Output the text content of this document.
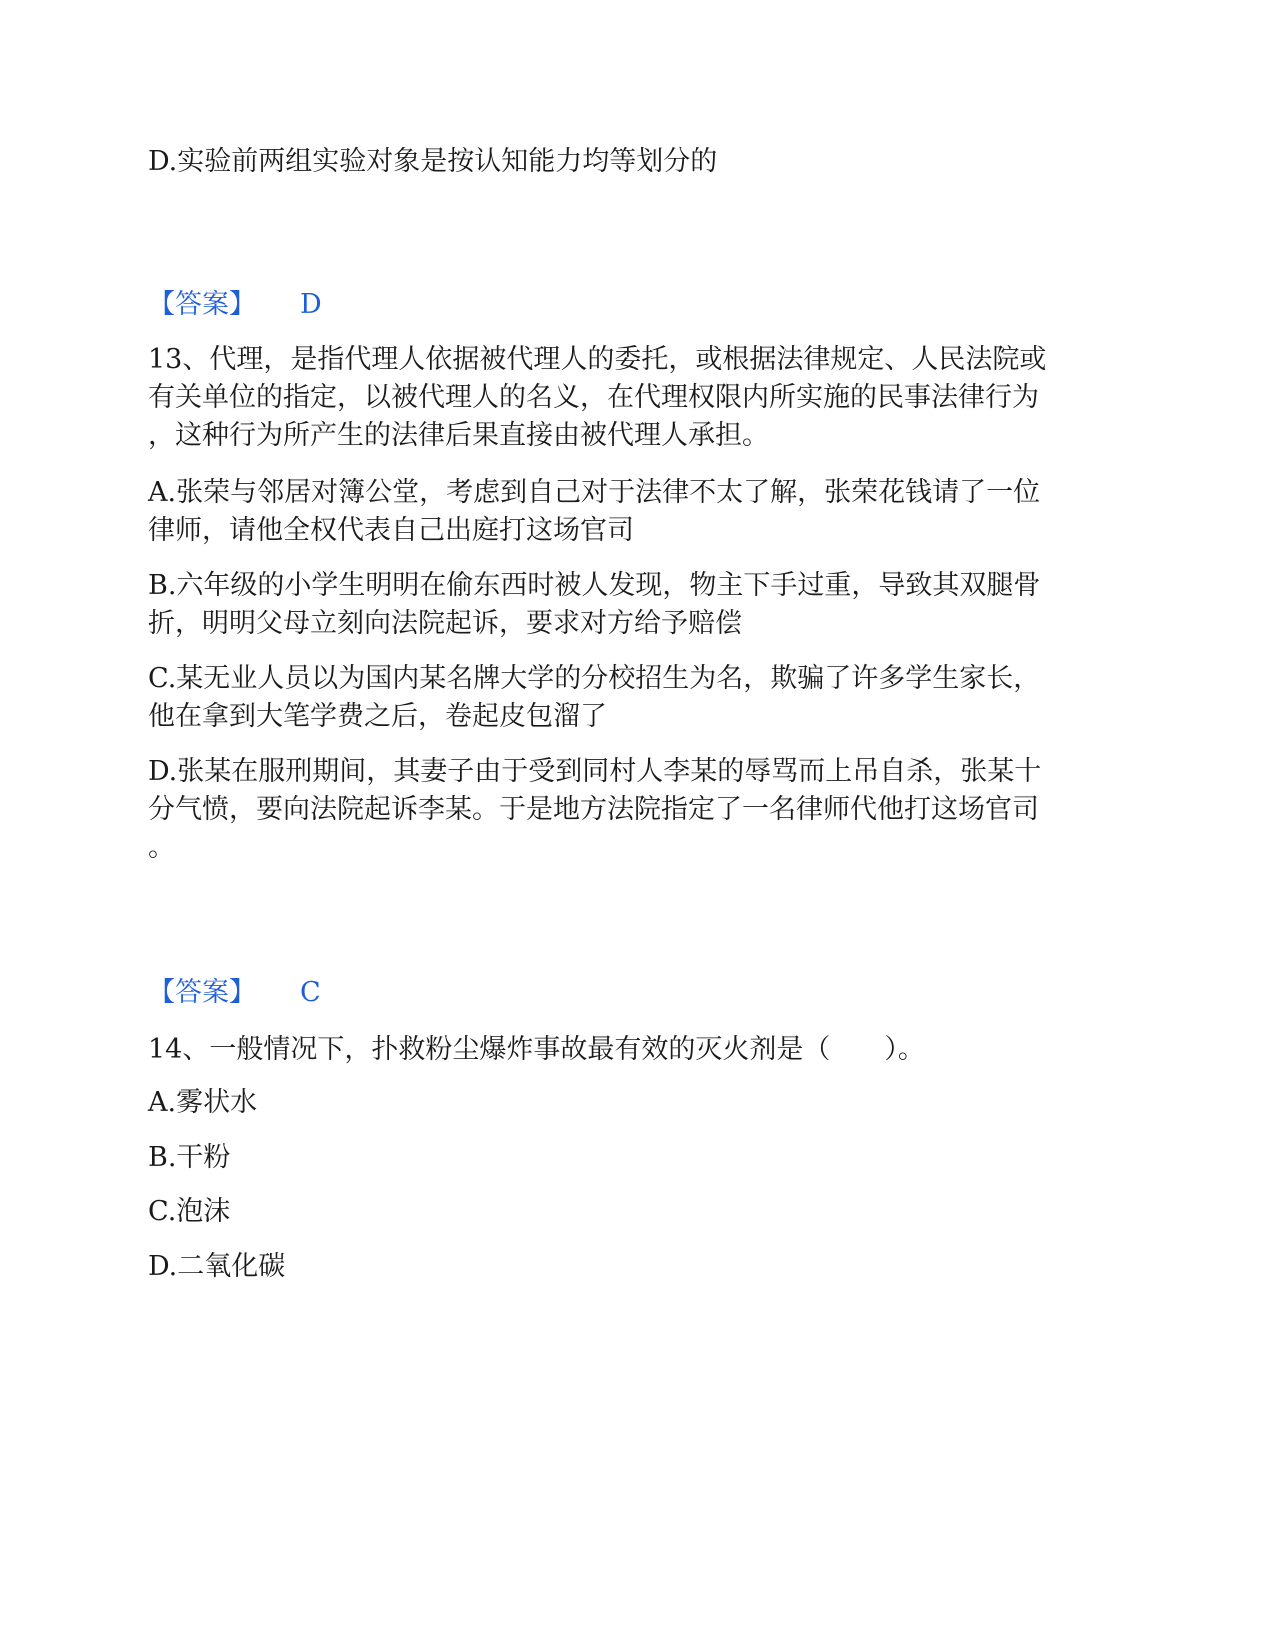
D.实验前两组实验对象是按认知能力均等划分的
【答案】 D
13、代理，是指代理人依据被代理人的委托，或根据法律规定、人民法院或
有关单位的指定，以被代理人的名义，在代理权限内所实施的民事法律行为
，这种行为所产生的法律后果直接由被代理人承担。
A.张荣与邻居对簿公堂，考虑到自己对于法律不太了解，张荣花钱请了一位
律师，请他全权代表自己出庭打这场官司
B.六年级的小学生明明在偷东西时被人发现，物主下手过重，导致其双腿骨
折，明明父母立刻向法院起诉，要求对方给予赔偿
C.某无业人员以为国内某名牌大学的分校招生为名，欺骗了许多学生家长，
他在拿到大笔学费之后，卷起皮包溜了
D.张某在服刑期间，其妻子由于受到同村人李某的辱骂而上吊自杀，张某十
分气愤，要向法院起诉李某。于是地方法院指定了一名律师代他打这场官司
。
【答案】 C
14、一般情况下，扑救粉尘爆炸事故最有效的灭火剂是（　　）。
A.雾状水
B.干粉
C.泡沫
D.二氧化碳
